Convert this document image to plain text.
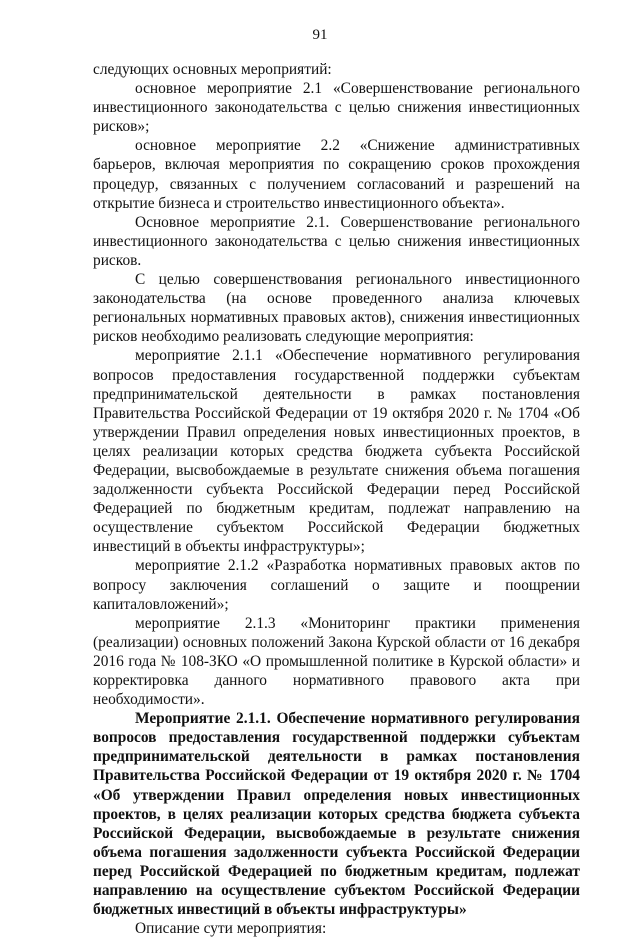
91

следующих основных мероприятий:

основное мероприятие 2.1 «Совершенствование регионального инвестиционного законодательства с целью снижения инвестиционных рисков»;

основное мероприятие 2.2 «Снижение административных барьеров, включая мероприятия по сокращению сроков прохождения процедур, связанных с получением согласований и разрешений на открытие бизнеса и строительство инвестиционного объекта».

Основное мероприятие 2.1. Совершенствование регионального инвестиционного законодательства с целью снижения инвестиционных рисков.

С целью совершенствования регионального инвестиционного законодательства (на основе проведенного анализа ключевых региональных нормативных правовых актов), снижения инвестиционных рисков необходимо реализовать следующие мероприятия:

мероприятие 2.1.1 «Обеспечение нормативного регулирования вопросов предоставления государственной поддержки субъектам предпринимательской деятельности в рамках постановления Правительства Российской Федерации от 19 октября 2020 г. № 1704 «Об утверждении Правил определения новых инвестиционных проектов, в целях реализации которых средства бюджета субъекта Российской Федерации, высвобождаемые в результате снижения объема погашения задолженности субъекта Российской Федерации перед Российской Федерацией по бюджетным кредитам, подлежат направлению на осуществление субъектом Российской Федерации бюджетных инвестиций в объекты инфраструктуры»;

мероприятие 2.1.2 «Разработка нормативных правовых актов по вопросу заключения соглашений о защите и поощрении капиталовложений»;

мероприятие 2.1.3 «Мониторинг практики применения (реализации) основных положений Закона Курской области от 16 декабря 2016 года № 108-ЗКО «О промышленной политике в Курской области» и корректировка данного нормативного правового акта при необходимости».

Мероприятие 2.1.1. Обеспечение нормативного регулирования вопросов предоставления государственной поддержки субъектам предпринимательской деятельности в рамках постановления Правительства Российской Федерации от 19 октября 2020 г. № 1704 «Об утверждении Правил определения новых инвестиционных проектов, в целях реализации которых средства бюджета субъекта Российской Федерации, высвобождаемые в результате снижения объема погашения задолженности субъекта Российской Федерации перед Российской Федерацией по бюджетным кредитам, подлежат направлению на осуществление субъектом Российской Федерации бюджетных инвестиций в объекты инфраструктуры»

Описание сути мероприятия:
